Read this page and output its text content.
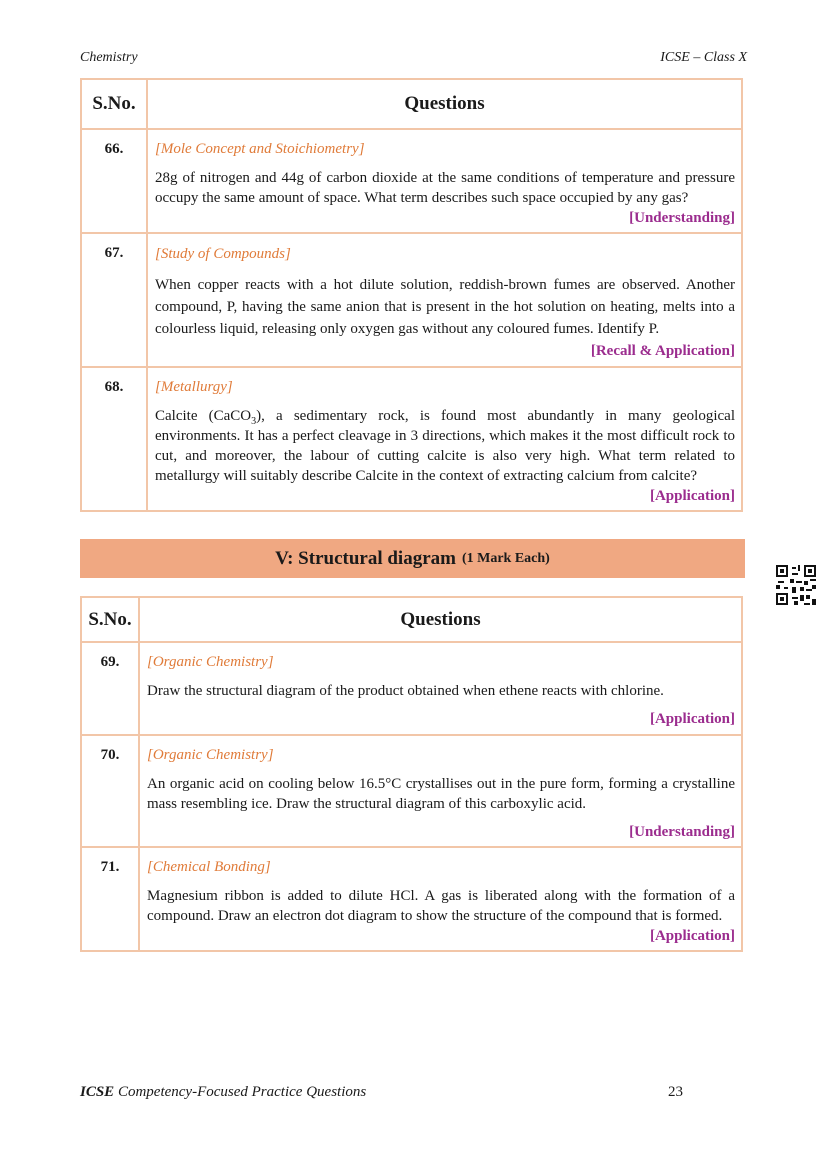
Chemistry	ICSE – Class X
S.No.	Questions
66.	[Mole Concept and Stoichiometry]
28g of nitrogen and 44g of carbon dioxide at the same conditions of temperature and pressure occupy the same amount of space. What term describes such space occupied by any gas?
[Understanding]

67.	[Study of Compounds]
When copper reacts with a hot dilute solution, reddish-brown fumes are observed. Another compound, P, having the same anion that is present in the hot solution on heating, melts into a colourless liquid, releasing only oxygen gas without any coloured fumes. Identify P.
[Recall & Application]

68.	[Metallurgy]
Calcite (CaCO$_3$), a sedimentary rock, is found most abundantly in many geological environments. It has a perfect cleavage in 3 directions, which makes it the most difficult rock to cut, and moreover, the labour of cutting calcite is also very high. What term related to metallurgy will suitably describe Calcite in the context of extracting calcium from calcite?
[Application]
V: Structural diagram (1 Mark Each)
S.No.	Questions
69.	[Organic Chemistry]
Draw the structural diagram of the product obtained when ethene reacts with chlorine.
[Application]

70.	[Organic Chemistry]
An organic acid on cooling below 16.5°C crystallises out in the pure form, forming a crystalline mass resembling ice. Draw the structural diagram of this carboxylic acid.
[Understanding]

71.	[Chemical Bonding]
Magnesium ribbon is added to dilute HCl. A gas is liberated along with the formation of a compound. Draw an electron dot diagram to show the structure of the compound that is formed.
[Application]
ICSE Competency-Focused Practice Questions	23
